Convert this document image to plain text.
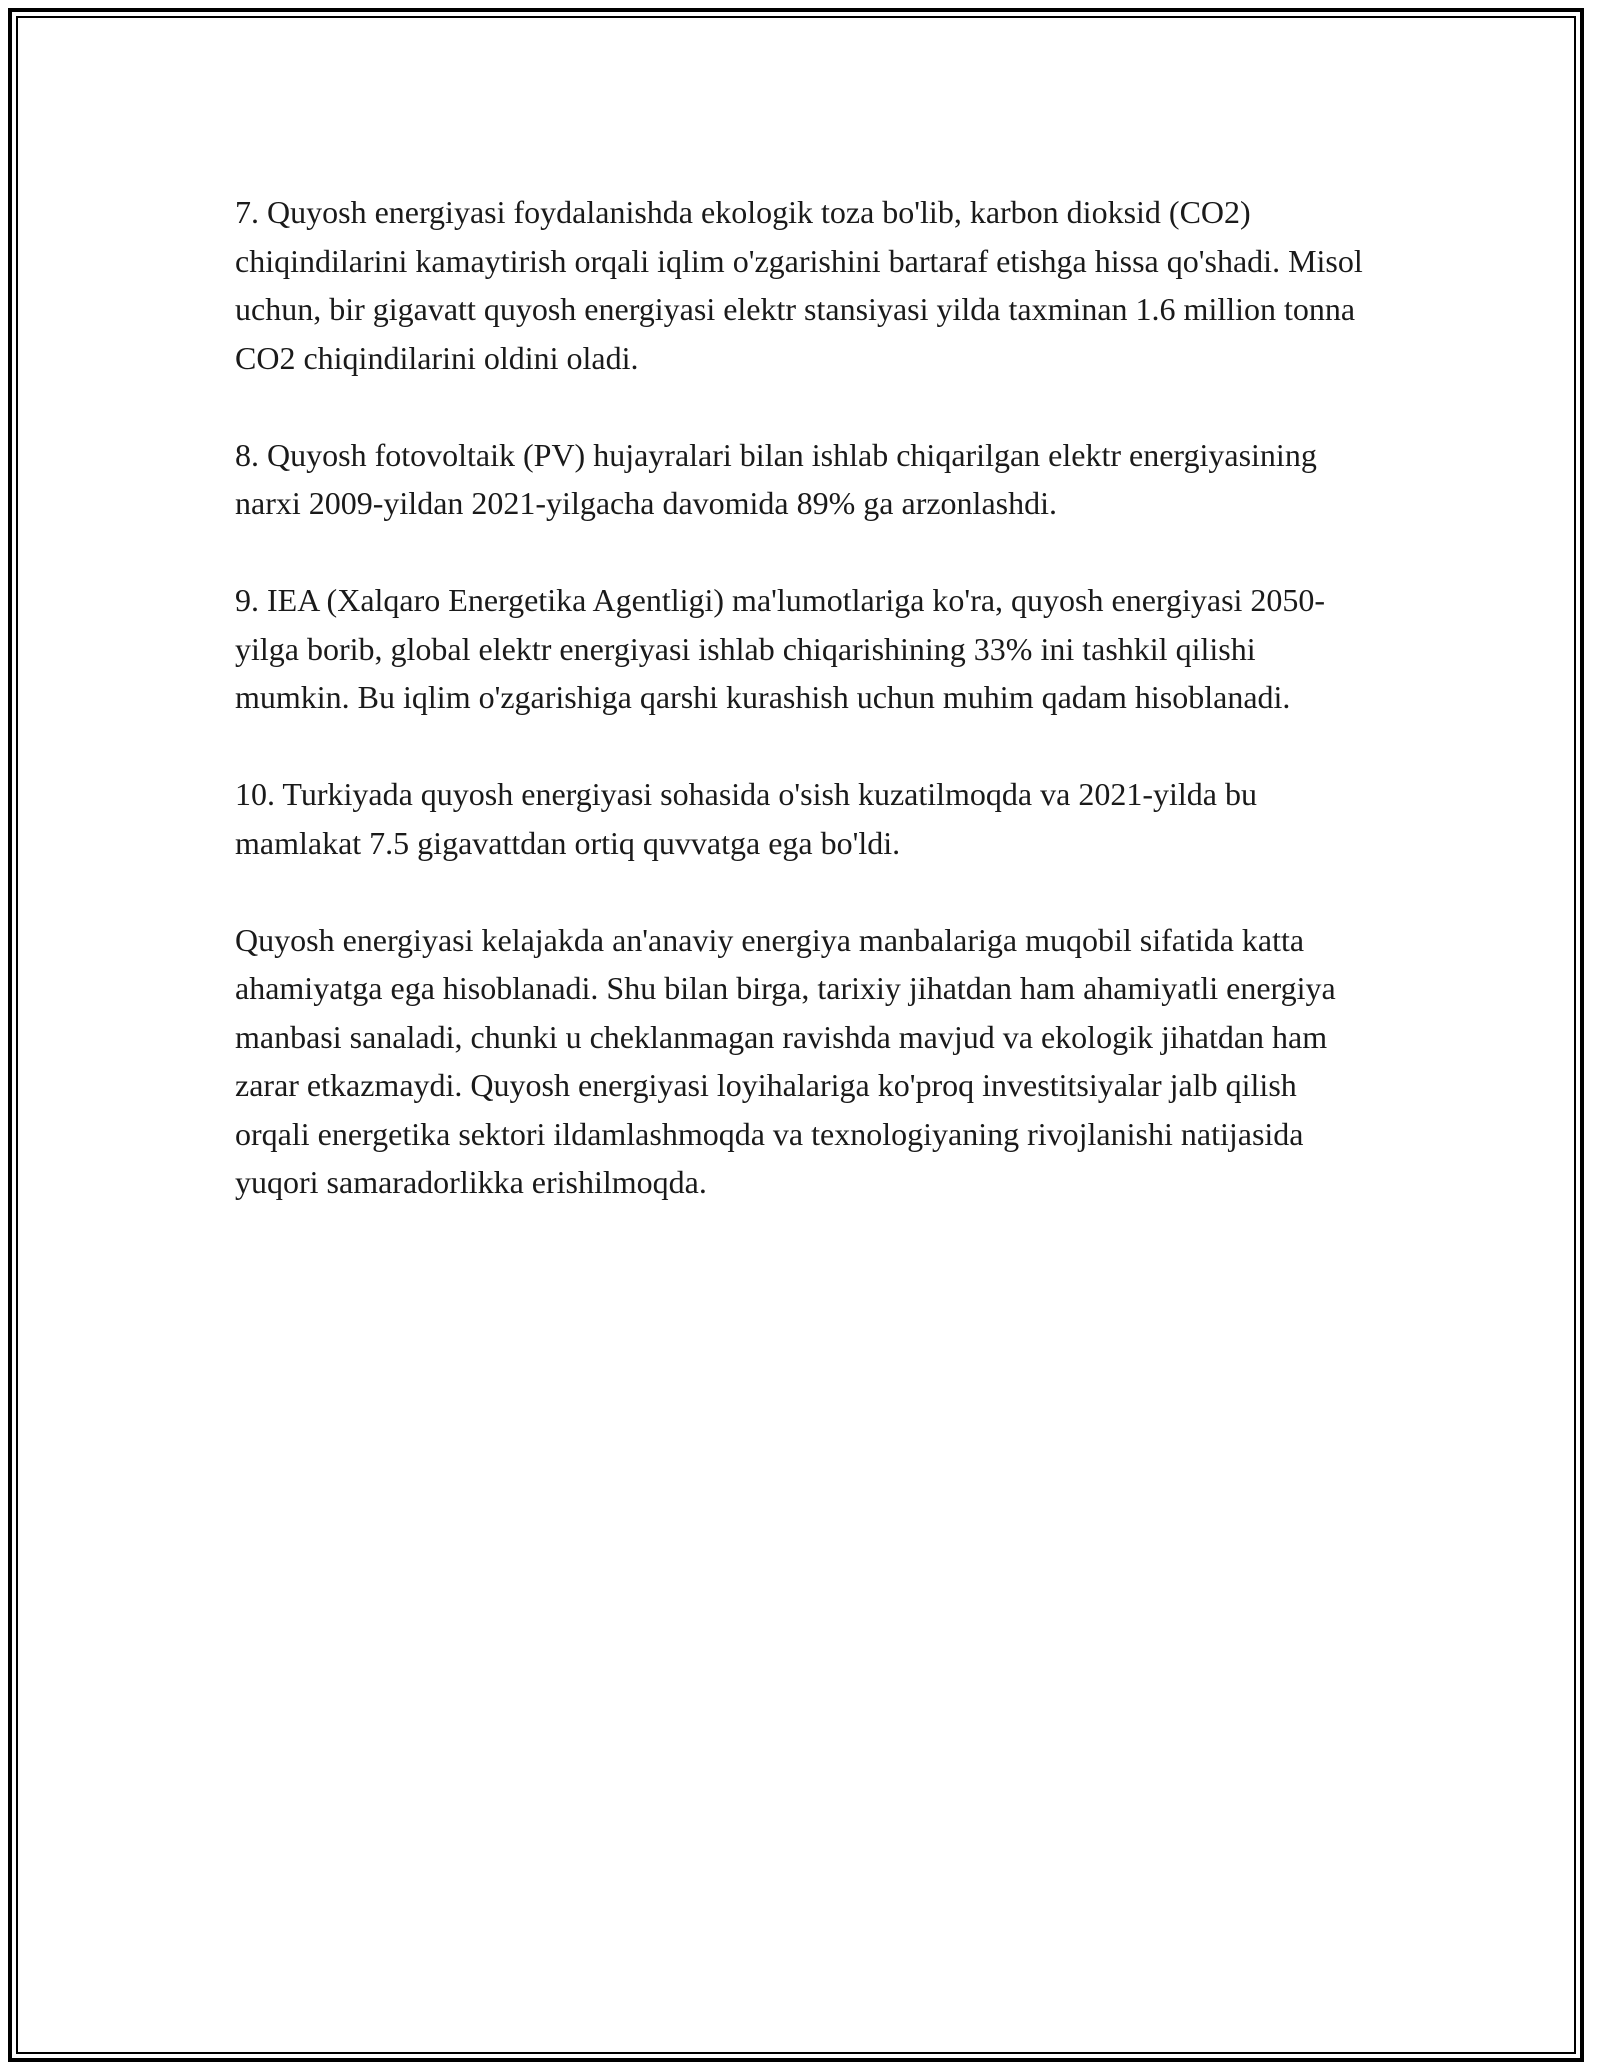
7. Quyosh energiyasi foydalanishda ekologik toza bo'lib, karbon dioksid (CO2) chiqindilarini kamaytirish orqali iqlim o'zgarishini bartaraf etishga hissa qo'shadi. Misol uchun, bir gigavatt quyosh energiyasi elektr stansiyasi yilda taxminan 1.6 million tonna CO2 chiqindilarini oldini oladi.

8. Quyosh fotovoltaik (PV) hujayralari bilan ishlab chiqarilgan elektr energiyasining narxi 2009-yildan 2021-yilgacha davomida 89% ga arzonlashdi.

9. IEA (Xalqaro Energetika Agentligi) ma'lumotlariga ko'ra, quyosh energiyasi 2050-yilga borib, global elektr energiyasi ishlab chiqarishining 33% ini tashkil qilishi mumkin. Bu iqlim o'zgarishiga qarshi kurashish uchun muhim qadam hisoblanadi.

10. Turkiyada quyosh energiyasi sohasida o'sish kuzatilmoqda va 2021-yilda bu mamlakat 7.5 gigavattdan ortiq quvvatga ega bo'ldi.

Quyosh energiyasi kelajakda an'anaviy energiya manbalariga muqobil sifatida katta ahamiyatga ega hisoblanadi. Shu bilan birga, tarixiy jihatdan ham ahamiyatli energiya manbasi sanaladi, chunki u cheklanmagan ravishda mavjud va ekologik jihatdan ham zarar etkazmaydi. Quyosh energiyasi loyihalariga ko'proq investitsiyalar jalb qilish orqali energetika sektori ildamlashmoqda va texnologiyaning rivojlanishi natijasida yuqori samaradorlikka erishilmoqda.
